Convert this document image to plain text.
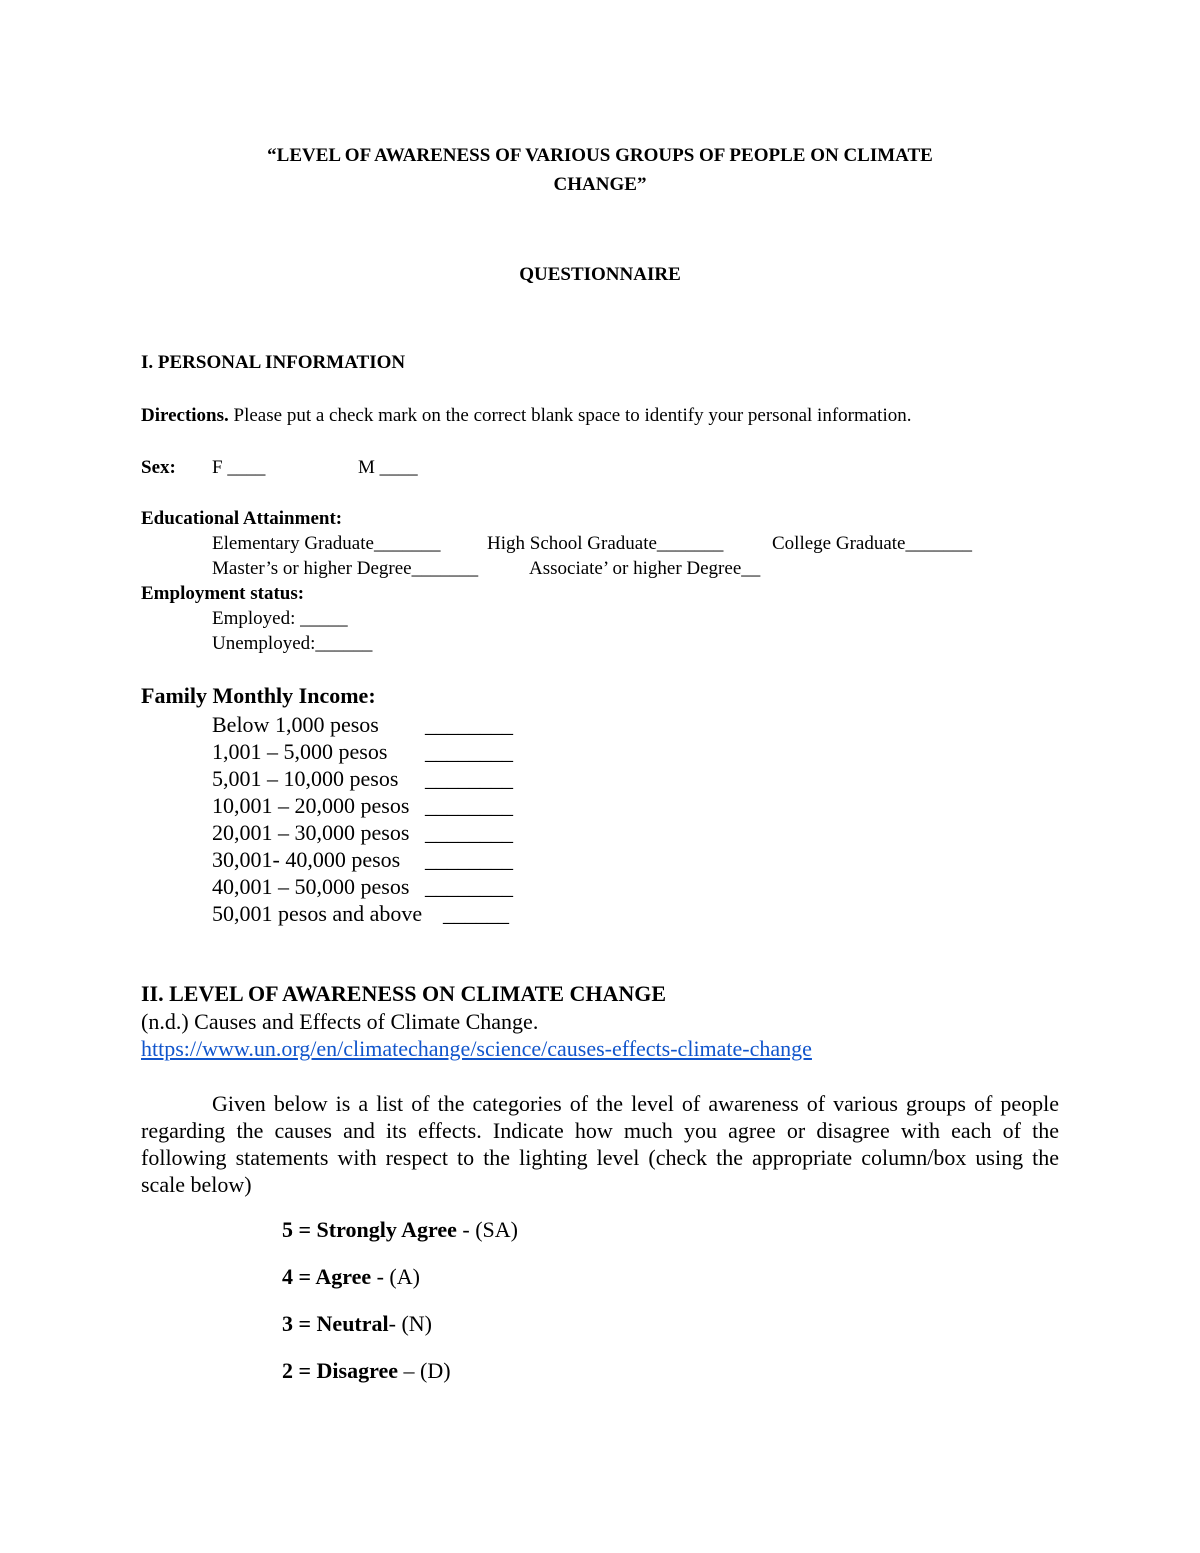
“LEVEL OF AWARENESS OF VARIOUS GROUPS OF PEOPLE ON CLIMATE
CHANGE”
QUESTIONNAIRE
I. PERSONAL INFORMATION
Directions. Please put a check mark on the correct blank space to identify your personal information.
Sex: F ____	M ____
Educational Attainment:
Elementary Graduate_______ High School Graduate_______	College Graduate_______
Master’s or higher Degree_______	Associate’ or higher Degree__
Employment status:
Employed: _____
Unemployed:______
Family Monthly Income:
Below 1,000 pesos ________
1,001 – 5,000 pesos ________
5,001 – 10,000 pesos ________
10,001 – 20,000 pesos ________
20,001 – 30,000 pesos ________
30,001- 40,000 pesos ________
40,001 – 50,000 pesos ________
50,001 pesos and above ______
II. LEVEL OF AWARENESS ON CLIMATE CHANGE
(n.d.) Causes and Effects of Climate Change.
https://www.un.org/en/climatechange/science/causes-effects-climate-change
Given below is a list of the categories of the level of awareness of various groups of people regarding the causes and its effects. Indicate how much you agree or disagree with each of the following statements with respect to the lighting level (check the appropriate column/box using the scale below)
5 = Strongly Agree - (SA)
4 = Agree - (A)
3 = Neutral- (N)
2 = Disagree – (D)
